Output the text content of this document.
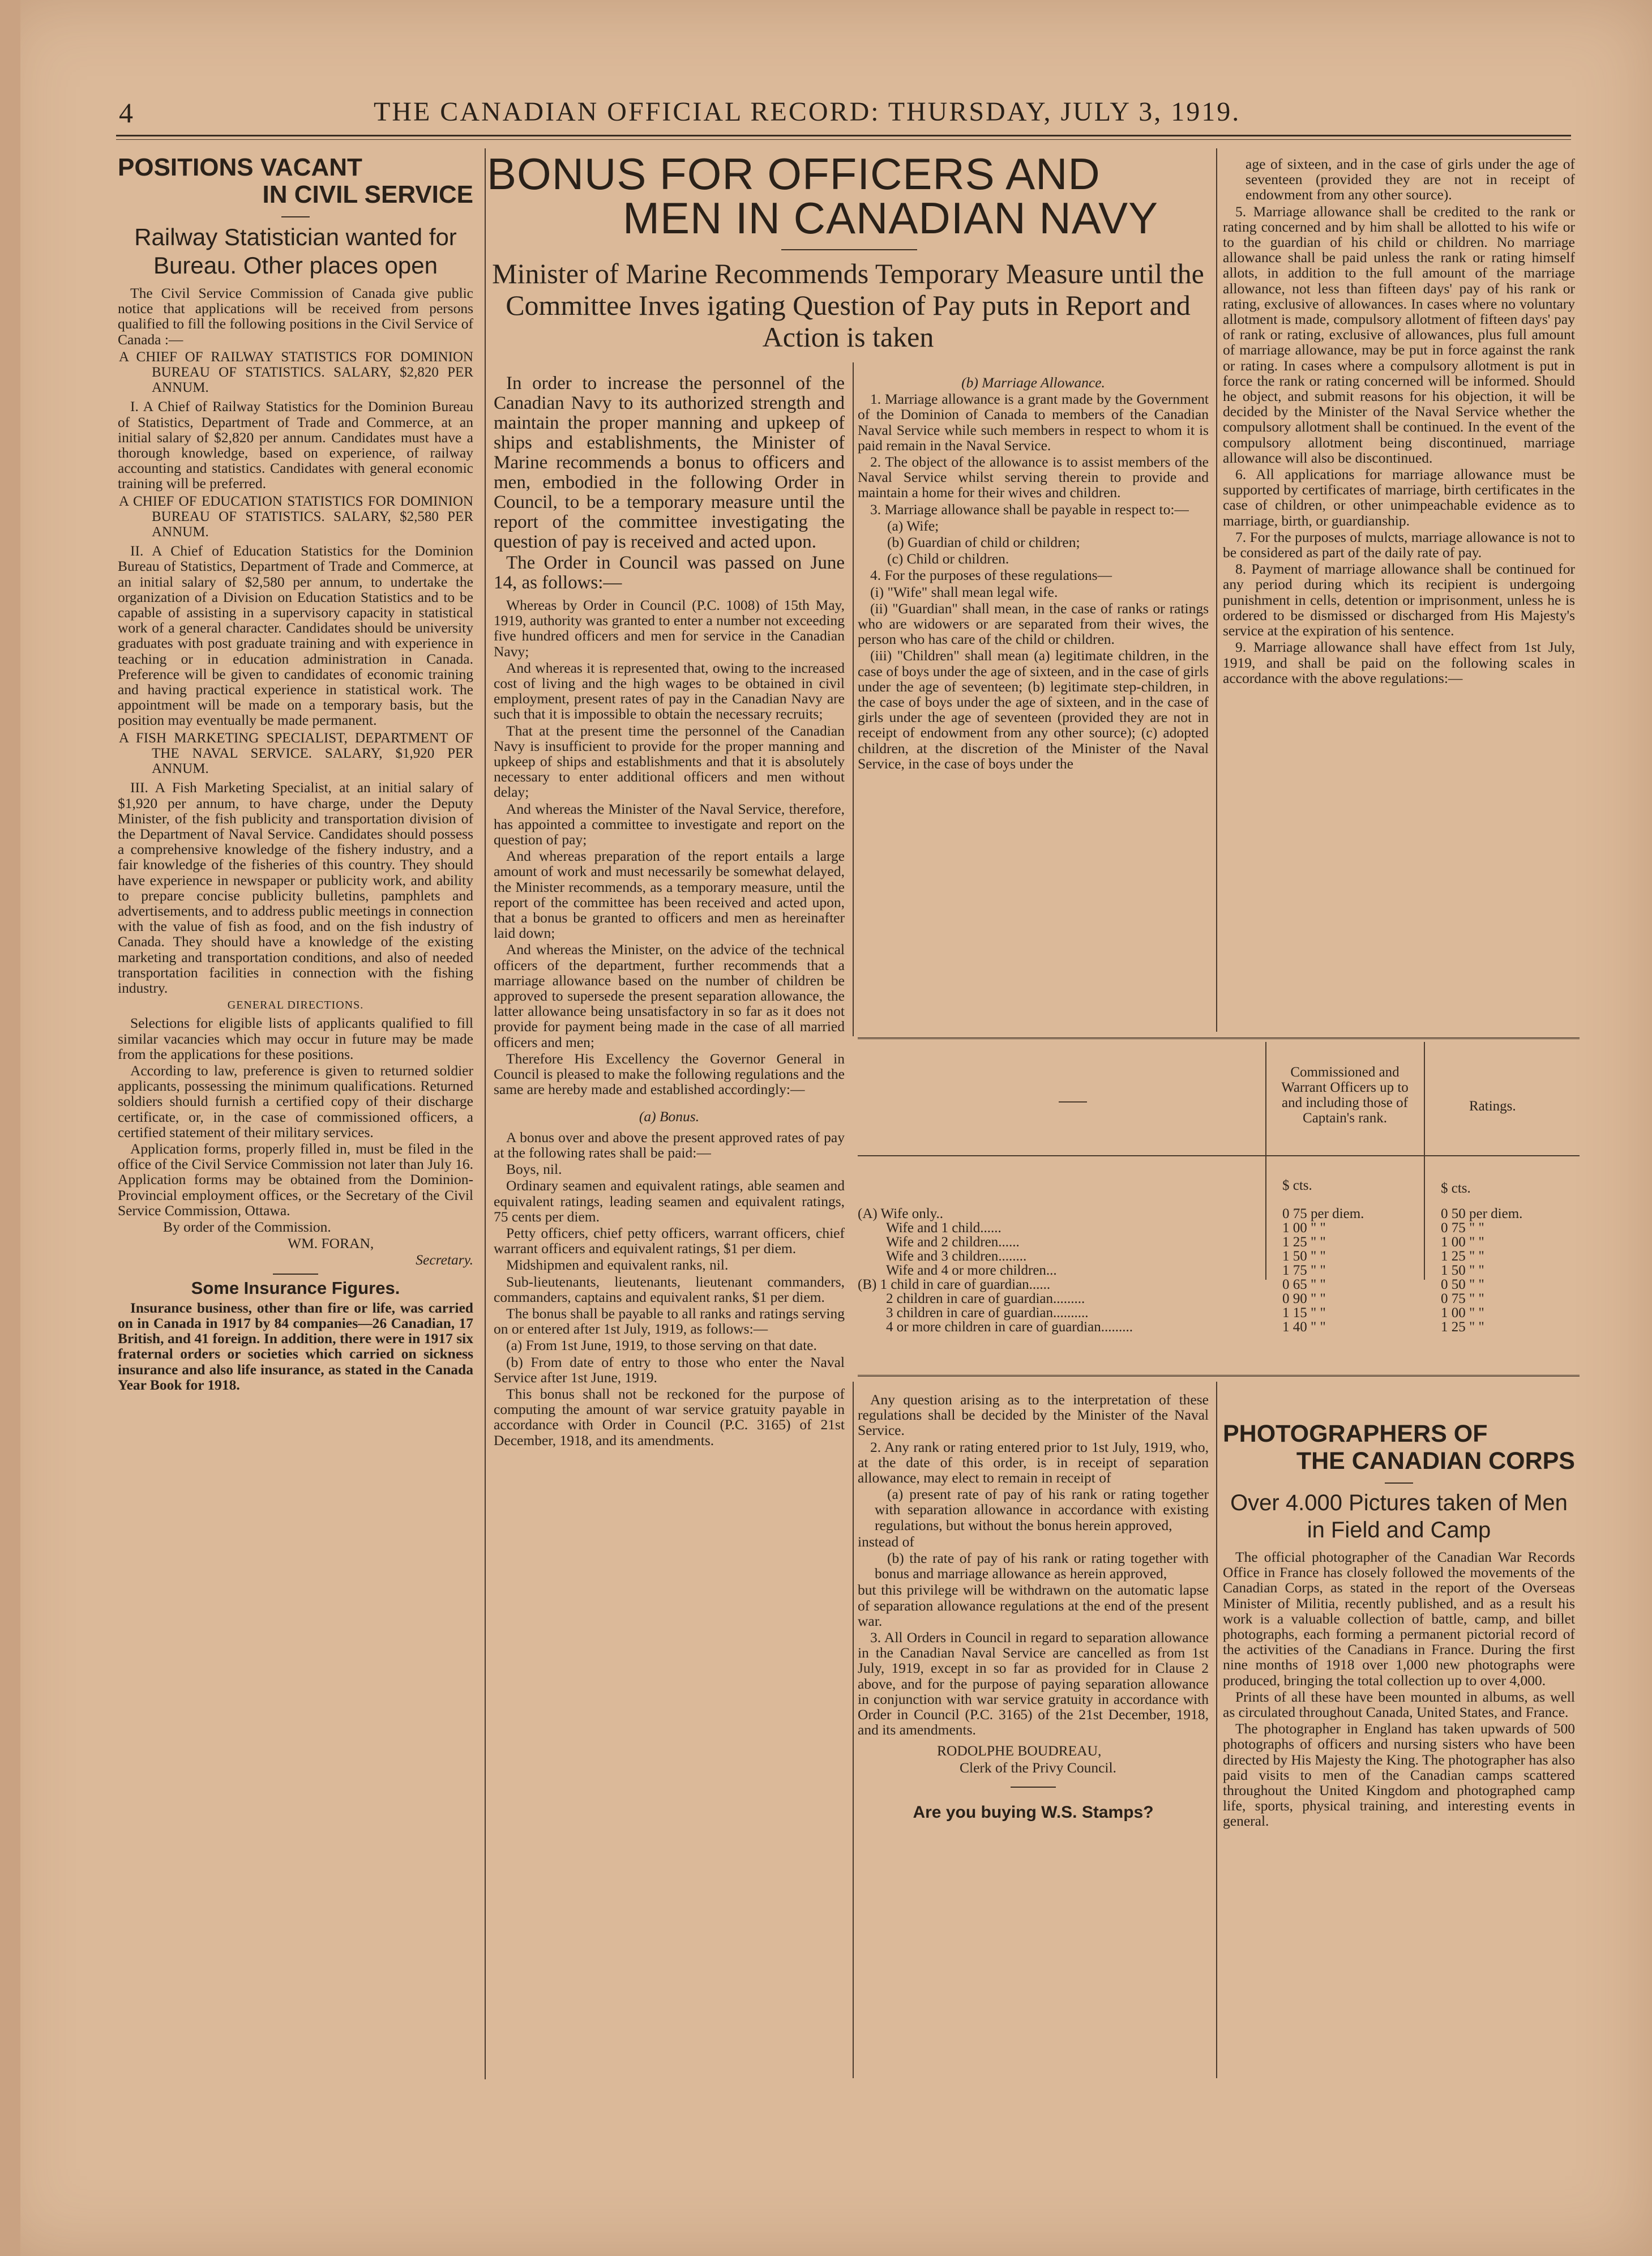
4	THE CANADIAN OFFICIAL RECORD: THURSDAY, JULY 3, 1919.
POSITIONS VACANT
IN CIVIL SERVICE
Railway Statistician wanted for Bureau. Other places open

The Civil Service Commission of Canada give public notice that applications will be received from persons qualified to fill the following positions in the Civil Service of Canada :—

A CHIEF OF RAILWAY STATISTICS FOR DOMINION BUREAU OF STATISTICS. SALARY, $2,820 PER ANNUM.

I. A Chief of Railway Statistics for the Dominion Bureau of Statistics, Department of Trade and Commerce, at an initial salary of $2,820 per annum. Candidates must have a thorough knowledge, based on experience, of railway accounting and statistics. Candidates with general economic training will be preferred.

A CHIEF OF EDUCATION STATISTICS FOR DOMINION BUREAU OF STATISTICS. SALARY, $2,580 PER ANNUM.

II. A Chief of Education Statistics for the Dominion Bureau of Statistics, Department of Trade and Commerce, at an initial salary of $2,580 per annum, to undertake the organization of a Division on Education Statistics and to be capable of assisting in a supervisory capacity in statistical work of a general character. Candidates should be university graduates with post graduate training and with experience in teaching or in education administration in Canada. Preference will be given to candidates of economic training and having practical experience in statistical work. The appointment will be made on a temporary basis, but the position may eventually be made permanent.

A FISH MARKETING SPECIALIST, DEPARTMENT OF THE NAVAL SERVICE. SALARY, $1,920 PER ANNUM.

III. A Fish Marketing Specialist, at an initial salary of $1,920 per annum, to have charge, under the Deputy Minister, of the fish publicity and transportation division of the Department of Naval Service. Candidates should possess a comprehensive knowledge of the fishery industry, and a fair knowledge of the fisheries of this country. They should have experience in newspaper or publicity work, and ability to prepare concise publicity bulletins, pamphlets and advertisements, and to address public meetings in connection with the value of fish as food, and on the fish industry of Canada. They should have a knowledge of the existing marketing and transportation conditions, and also of needed transportation facilities in connection with the fishing industry.

GENERAL DIRECTIONS.

Selections for eligible lists of applicants qualified to fill similar vacancies which may occur in future may be made from the applications for these positions.

According to law, preference is given to returned soldier applicants, possessing the minimum qualifications. Returned soldiers should furnish a certified copy of their discharge certificate, or, in the case of commissioned officers, a certified statement of their military services.

Application forms, properly filled in, must be filed in the office of the Civil Service Commission not later than July 16. Application forms may be obtained from the Dominion-Provincial employment offices, or the Secretary of the Civil Service Commission, Ottawa.

By order of the Commission.

WM. FORAN,

Secretary.

Some Insurance Figures.

Insurance business, other than fire or life, was carried on in Canada in 1917 by 84 companies—26 Canadian, 17 British, and 41 foreign. In addition, there were in 1917 six fraternal orders or societies which carried on sickness insurance and also life insurance, as stated in the Canada Year Book for 1918.

BONUS FOR OFFICERS AND
MEN IN CANADIAN NAVY
Minister of Marine Recommends Temporary Measure until the Committee Inves igating Question of Pay puts in Report and Action is taken

In order to increase the personnel of the Canadian Navy to its authorized strength and maintain the proper manning and upkeep of ships and establishments, the Minister of Marine recommends a bonus to officers and men, embodied in the following Order in Council, to be a temporary measure until the report of the committee investigating the question of pay is received and acted upon.

The Order in Council was passed on June 14, as follows:—

Whereas by Order in Council (P.C. 1008) of 15th May, 1919, authority was granted to enter a number not exceeding five hundred officers and men for service in the Canadian Navy;

And whereas it is represented that, owing to the increased cost of living and the high wages to be obtained in civil employment, present rates of pay in the Canadian Navy are such that it is impossible to obtain the necessary recruits;

That at the present time the personnel of the Canadian Navy is insufficient to provide for the proper manning and upkeep of ships and establishments and that it is absolutely necessary to enter additional officers and men without delay;

And whereas the Minister of the Naval Service, therefore, has appointed a committee to investigate and report on the question of pay;

And whereas preparation of the report entails a large amount of work and must necessarily be somewhat delayed, the Minister recommends, as a temporary measure, until the report of the committee has been received and acted upon, that a bonus be granted to officers and men as hereinafter laid down;

And whereas the Minister, on the advice of the technical officers of the department, further recommends that a marriage allowance based on the number of children be approved to supersede the present separation allowance, the latter allowance being unsatisfactory in so far as it does not provide for payment being made in the case of all married officers and men;

Therefore His Excellency the Governor General in Council is pleased to make the following regulations and the same are hereby made and established accordingly:—

(a) Bonus.

A bonus over and above the present approved rates of pay at the following rates shall be paid:—

Boys, nil.

Ordinary seamen and equivalent ratings, able seamen and equivalent ratings, leading seamen and equivalent ratings, 75 cents per diem.

Petty officers, chief petty officers, warrant officers, chief warrant officers and equivalent ratings, $1 per diem.

Midshipmen and equivalent ranks, nil.

Sub-lieutenants, lieutenants, lieutenant commanders, commanders, captains and equivalent ranks, $1 per diem.

The bonus shall be payable to all ranks and ratings serving on or entered after 1st July, 1919, as follows:—

(a) From 1st June, 1919, to those serving on that date.

(b) From date of entry to those who enter the Naval Service after 1st June, 1919.

This bonus shall not be reckoned for the purpose of computing the amount of war service gratuity payable in accordance with Order in Council (P.C. 3165) of 21st December, 1918, and its amendments.

(b) Marriage Allowance.

1. Marriage allowance is a grant made by the Government of the Dominion of Canada to members of the Canadian Naval Service while such members in respect to whom it is paid remain in the Naval Service.

2. The object of the allowance is to assist members of the Naval Service whilst serving therein to provide and maintain a home for their wives and children.

3. Marriage allowance shall be payable in respect to:—

(a) Wife;

(b) Guardian of child or children;

(c) Child or children.

4. For the purposes of these regulations—

(i) "Wife" shall mean legal wife.

(ii) "Guardian" shall mean, in the case of ranks or ratings who are widowers or are separated from their wives, the person who has care of the child or children.

(iii) "Children" shall mean (a) legitimate children, in the case of boys under the age of sixteen, and in the case of girls under the age of seventeen; (b) legitimate step-children, in the case of boys under the age of sixteen, and in the case of girls under the age of seventeen (provided they are not in receipt of endowment from any other source); (c) adopted children, at the discretion of the Minister of the Naval Service, in the case of boys under the

age of sixteen, and in the case of girls under the age of seventeen (provided they are not in receipt of endowment from any other source).

5. Marriage allowance shall be credited to the rank or rating concerned and by him shall be allotted to his wife or to the guardian of his child or children. No marriage allowance shall be paid unless the rank or rating himself allots, in addition to the full amount of the marriage allowance, not less than fifteen days' pay of his rank or rating, exclusive of allowances. In cases where no voluntary allotment is made, compulsory allotment of fifteen days' pay of rank or rating, exclusive of allowances, plus full amount of marriage allowance, may be put in force against the rank or rating. In cases where a compulsory allotment is put in force the rank or rating concerned will be informed. Should he object, and submit reasons for his objection, it will be decided by the Minister of the Naval Service whether the compulsory allotment shall be continued. In the event of the compulsory allotment being discontinued, marriage allowance will also be discontinued.

6. All applications for marriage allowance must be supported by certificates of marriage, birth certificates in the case of children, or other unimpeachable evidence as to marriage, birth, or guardianship.

7. For the purposes of mulcts, marriage allowance is not to be considered as part of the daily rate of pay.

8. Payment of marriage allowance shall be continued for any period during which its recipient is undergoing punishment in cells, detention or imprisonment, unless he is ordered to be dismissed or discharged from His Majesty's service at the expiration of his sentence.

9. Marriage allowance shall have effect from 1st July, 1919, and shall be paid on the following scales in accordance with the above regulations:—

Commissioned and Warrant Officers up to and including those of Captain's rank.
Ratings.
$ cts.	$ cts.
(A) Wife only..	0 75 per diem.	0 50 per diem.
Wife and 1 child......	1 00 " "	0 75 " "
Wife and 2 children......	1 25 " "	1 00 " "
Wife and 3 children........	1 50 " "	1 25 " "
Wife and 4 or more children...	1 75 " "	1 50 " "
(B) 1 child in care of guardian......	0 65 " "	0 50 " "
2 children in care of guardian.........	0 90 " "	0 75 " "
3 children in care of guardian..........	1 15 " "	1 00 " "
4 or more children in care of guardian.........	1 40 " "	1 25 " "

Any question arising as to the interpretation of these regulations shall be decided by the Minister of the Naval Service.

2. Any rank or rating entered prior to 1st July, 1919, who, at the date of this order, is in receipt of separation allowance, may elect to remain in receipt of

(a) present rate of pay of his rank or rating together with separation allowance in accordance with existing regulations, but without the bonus herein approved,

instead of

(b) the rate of pay of his rank or rating together with bonus and marriage allowance as herein approved,

but this privilege will be withdrawn on the automatic lapse of separation allowance regulations at the end of the present war.

3. All Orders in Council in regard to separation allowance in the Canadian Naval Service are cancelled as from 1st July, 1919, except in so far as provided for in Clause 2 above, and for the purpose of paying separation allowance in conjunction with war service gratuity in accordance with Order in Council (P.C. 3165) of the 21st December, 1918, and its amendments.

RODOLPHE BOUDREAU,

Clerk of the Privy Council.

Are you buying W.S. Stamps?
PHOTOGRAPHERS OF
THE CANADIAN CORPS
Over 4.000 Pictures taken of Men in Field and Camp

The official photographer of the Canadian War Records Office in France has closely followed the movements of the Canadian Corps, as stated in the report of the Overseas Minister of Militia, recently published, and as a result his work is a valuable collection of battle, camp, and billet photographs, each forming a permanent pictorial record of the activities of the Canadians in France. During the first nine months of 1918 over 1,000 new photographs were produced, bringing the total collection up to over 4,000.

Prints of all these have been mounted in albums, as well as circulated throughout Canada, United States, and France.

The photographer in England has taken upwards of 500 photographs of officers and nursing sisters who have been directed by His Majesty the King. The photographer has also paid visits to men of the Canadian camps scattered throughout the United Kingdom and photographed camp life, sports, physical training, and interesting events in general.
